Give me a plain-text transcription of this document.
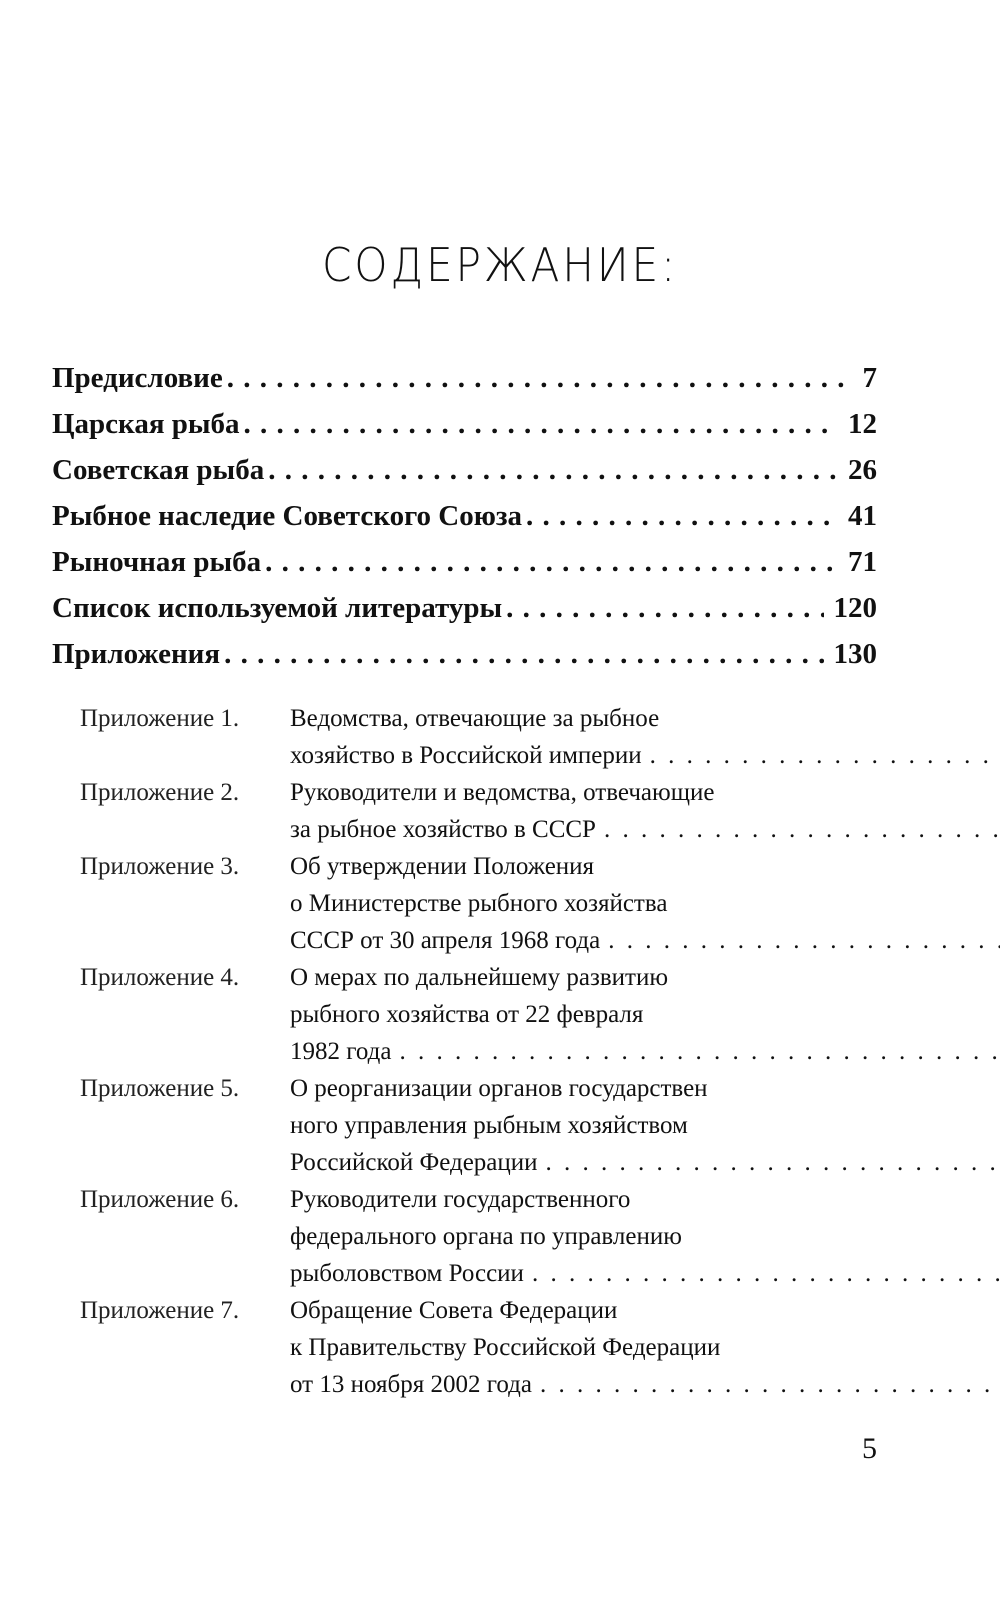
СОДЕРЖАНИЕ:
Предисловие . . .	7
Царская рыба . . .	12
Советская рыба . . .	26
Рыбное наследие Советского Союза . . .	41
Рыночная рыба . . .	71
Список используемой литературы . . .	120
Приложения . . .	130
Приложение 1.	Ведомства, отвечающие за рыбное
хозяйство в Российской империи
. . .
Приложение 2.	Руководители и ведомства, отвечающие
за рыбное хозяйство в СССР
. . .
Приложение 3.	Об утверждении Положения
о Министерстве рыбного хозяйства
СССР от 30 апреля 1968 года
. . .
Приложение 4.	О мерах по дальнейшему развитию
рыбного хозяйства от 22 февраля
1982 года
. . .
Приложение 5.	О реорганизации органов государствен
ного управления рыбным хозяйством
Российской Федерации
. . .
Приложение 6.	Руководители государственного
федерального органа по управлению
рыболовством России
. . .
Приложение 7.	Обращение Совета Федерации
к Правительству Российской Федерации
от 13 ноября 2002 года
. . .
5
